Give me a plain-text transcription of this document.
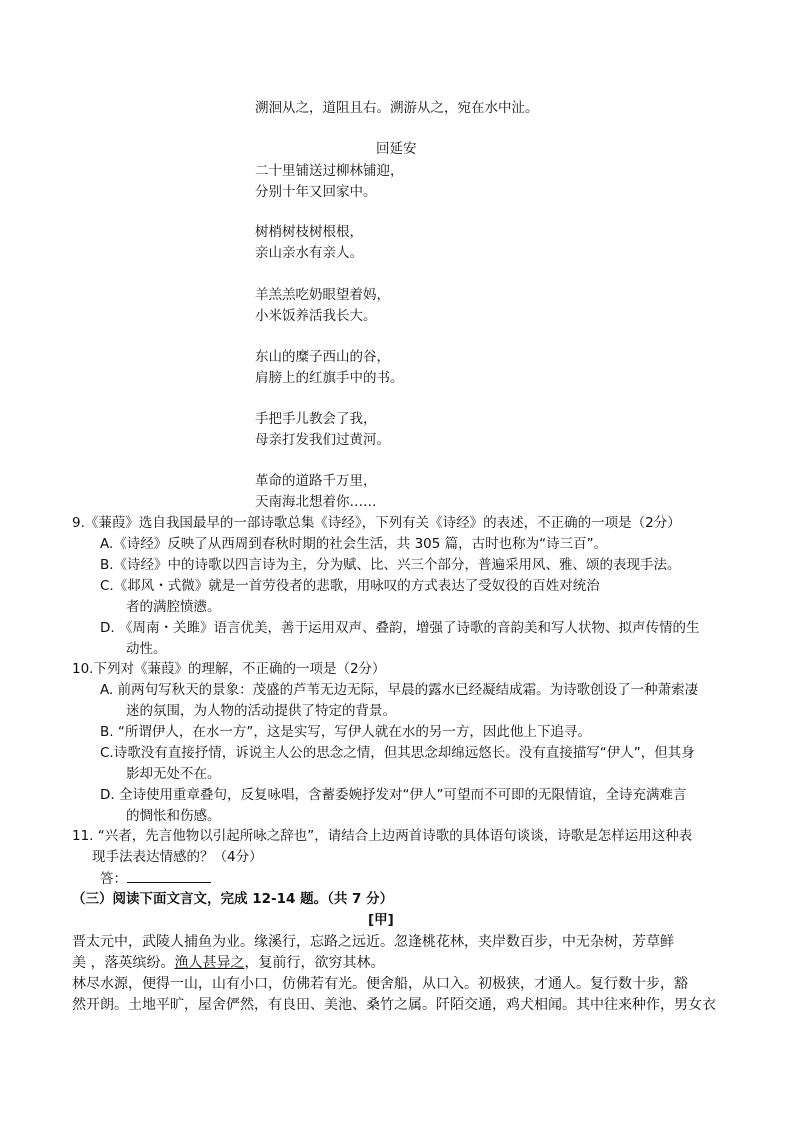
溯洄从之，道阻且右。溯游从之，宛在水中沚。
回延安
二十里铺送过柳林铺迎，
分别十年又回家中。
树梢树枝树根根，
亲山亲水有亲人。
羊羔羔吃奶眼望着妈，
小米饭养活我长大。
东山的糜子西山的谷，
肩膀上的红旗手中的书。
手把手儿教会了我，
母亲打发我们过黄河。
革命的道路千万里，
天南海北想着你……
9.《蒹葭》选自我国最早的一部诗歌总集《诗经》，下列有关《诗经》的表述，不正确的一项是（2分）
A.《诗经》反映了从西周到春秋时期的社会生活，共 305 篇，古时也称为“诗三百”。
B.《诗经》中的诗歌以四言诗为主，分为赋、比、兴三个部分，普遍采用风、雅、颂的表现手法。
C.《邶风・式微》就是一首劳役者的悲歌，用咏叹的方式表达了受奴役的百姓对统治
者的满腔愤懑。
D. 《周南・关雎》语言优美，善于运用双声、叠韵，增强了诗歌的音韵美和写人状物、拟声传情的生
动性。
10.下列对《蒹葭》的理解，不正确的一项是（2分）
A. 前两句写秋天的景象：茂盛的芦苇无边无际，早晨的露水已经凝结成霜。为诗歌创设了一种萧索凄
迷的氛围，为人物的活动提供了特定的背景。
B. “所谓伊人，在水一方”，这是实写，写伊人就在水的另一方，因此他上下追寻。
C.诗歌没有直接抒情，诉说主人公的思念之情，但其思念却绵远悠长。没有直接描写“伊人”，但其身
影却无处不在。
D. 全诗使用重章叠句，反复咏唱，含蓄委婉抒发对“伊人”可望而不可即的无限情谊，全诗充满难言
的惆怅和伤感。
11. “兴者，先言他物以引起所咏之辞也”，请结合上边两首诗歌的具体语句谈谈，诗歌是怎样运用这种表
现手法表达情感的？（4分）
答：
（三）阅读下面文言文，完成 12-14 题。（共 7 分）
[甲]
晋太元中，武陵人捕鱼为业。缘溪行，忘路之远近。忽逢桃花林，夹岸数百步，中无杂树，芳草鲜
美 ，落英缤纷。渔人甚异之，复前行，欲穷其林。
林尽水源，便得一山，山有小口，仿佛若有光。便舍船，从口入。初极狭，才通人。复行数十步，豁
然开朗。土地平旷，屋舍俨然，有良田、美池、桑竹之属。阡陌交通，鸡犬相闻。其中往来种作，男女衣
